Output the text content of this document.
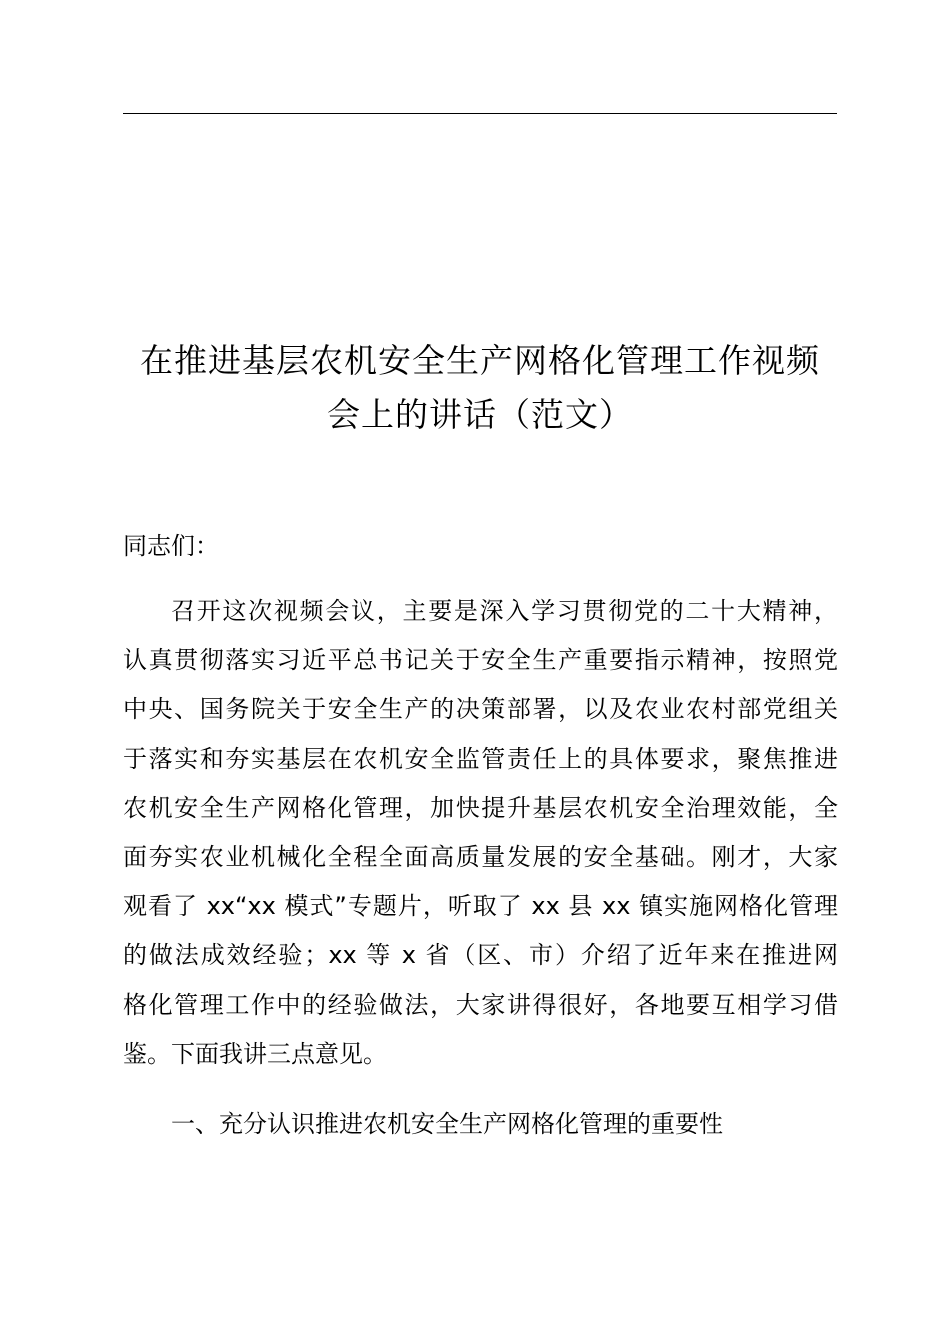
在推进基层农机安全生产网格化管理工作视频
会上的讲话（范文）
同志们：
召开这次视频会议，主要是深入学习贯彻党的二十大精神，
认真贯彻落实习近平总书记关于安全生产重要指示精神，按照党
中央、国务院关于安全生产的决策部署，以及农业农村部党组关
于落实和夯实基层在农机安全监管责任上的具体要求，聚焦推进
农机安全生产网格化管理，加快提升基层农机安全治理效能，全
面夯实农业机械化全程全面高质量发展的安全基础。刚才，大家
观看了 xx“xx 模式”专题片，听取了 xx 县 xx 镇实施网格化管理
的做法成效经验；xx 等 x 省（区、市）介绍了近年来在推进网
格化管理工作中的经验做法，大家讲得很好，各地要互相学习借
鉴。下面我讲三点意见。
一、充分认识推进农机安全生产网格化管理的重要性
